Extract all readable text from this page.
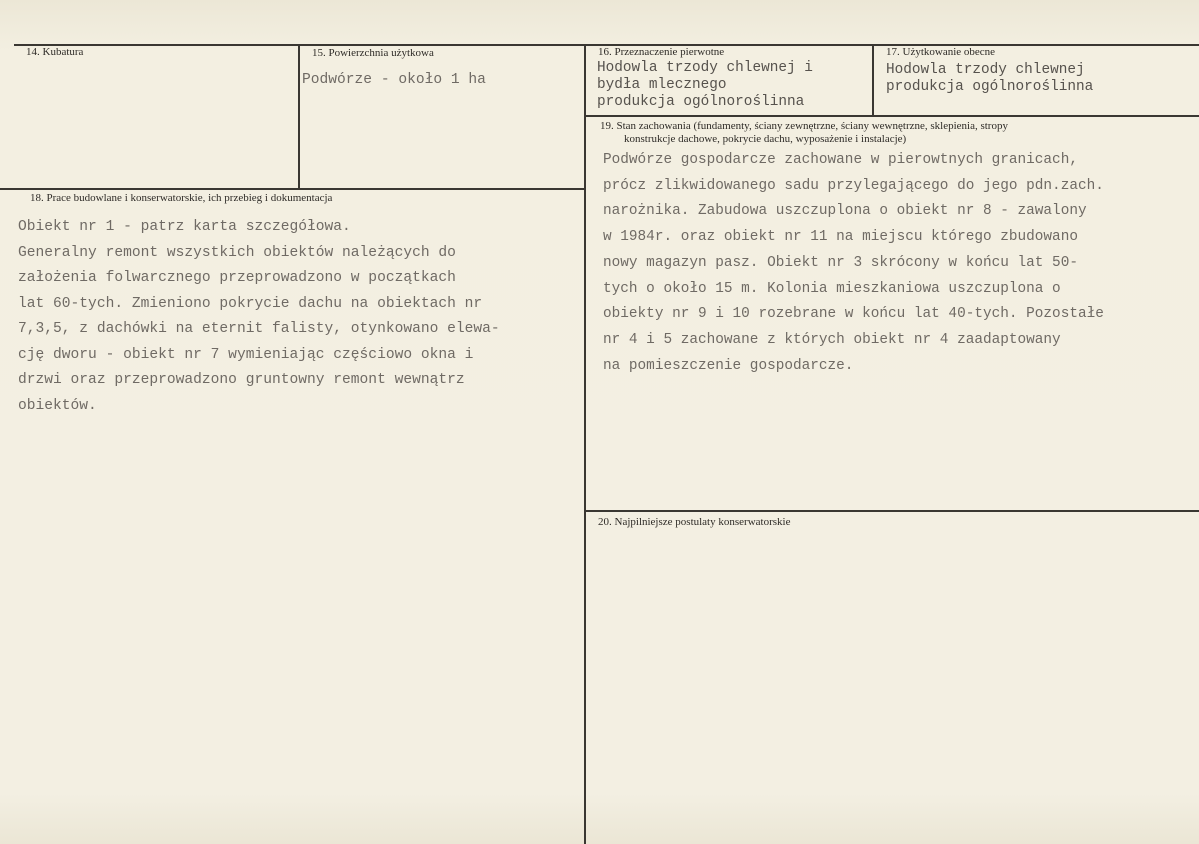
14. Kubatura	15. Powierzchnia użytkowa
Podwórze - około 1 ha
16. Przeznaczenie pierwotne
Hodowla trzody chlewnej i
bydła mlecznego
produkcja ogólnoroślinna
17. Użytkowanie obecne
Hodowla trzody chlewnej
produkcja ogólnoroślinna
18. Prace budowlane i konserwatorskie, ich przebieg i dokumentacja
Obiekt nr 1 - patrz karta szczegółowa.
Generalny remont wszystkich obiektów należących do
założenia folwarcznego przeprowadzono w początkach
lat 60-tych. Zmieniono pokrycie dachu na obiektach nr
7,3,5, z dachówki na eternit falisty, otynkowano elewa-
cję dworu - obiekt nr 7 wymieniając częściowo okna i
drzwi oraz przeprowadzono gruntowny remont wewnątrz
obiektów.
19. Stan zachowania (fundamenty, ściany zewnętrzne, ściany wewnętrzne, sklepienia, stropy
konstrukcje dachowe, pokrycie dachu, wyposażenie i instalacje)
Podwórze gospodarcze zachowane w pierowtnych granicach,
prócz zlikwidowanego sadu przylegającego do jego pdn.zach.
narożnika. Zabudowa uszczuplona o obiekt nr 8 - zawalony
w 1984r. oraz obiekt nr 11 na miejscu którego zbudowano
nowy magazyn pasz. Obiekt nr 3 skrócony w końcu lat 50-
tych o około 15 m. Kolonia mieszkaniowa uszczuplona o
obiekty nr 9 i 10 rozebrane w końcu lat 40-tych. Pozostałe
nr 4 i 5 zachowane z których obiekt nr 4 zaadaptowany
na pomieszczenie gospodarcze.
20. Najpilniejsze postulaty konserwatorskie
